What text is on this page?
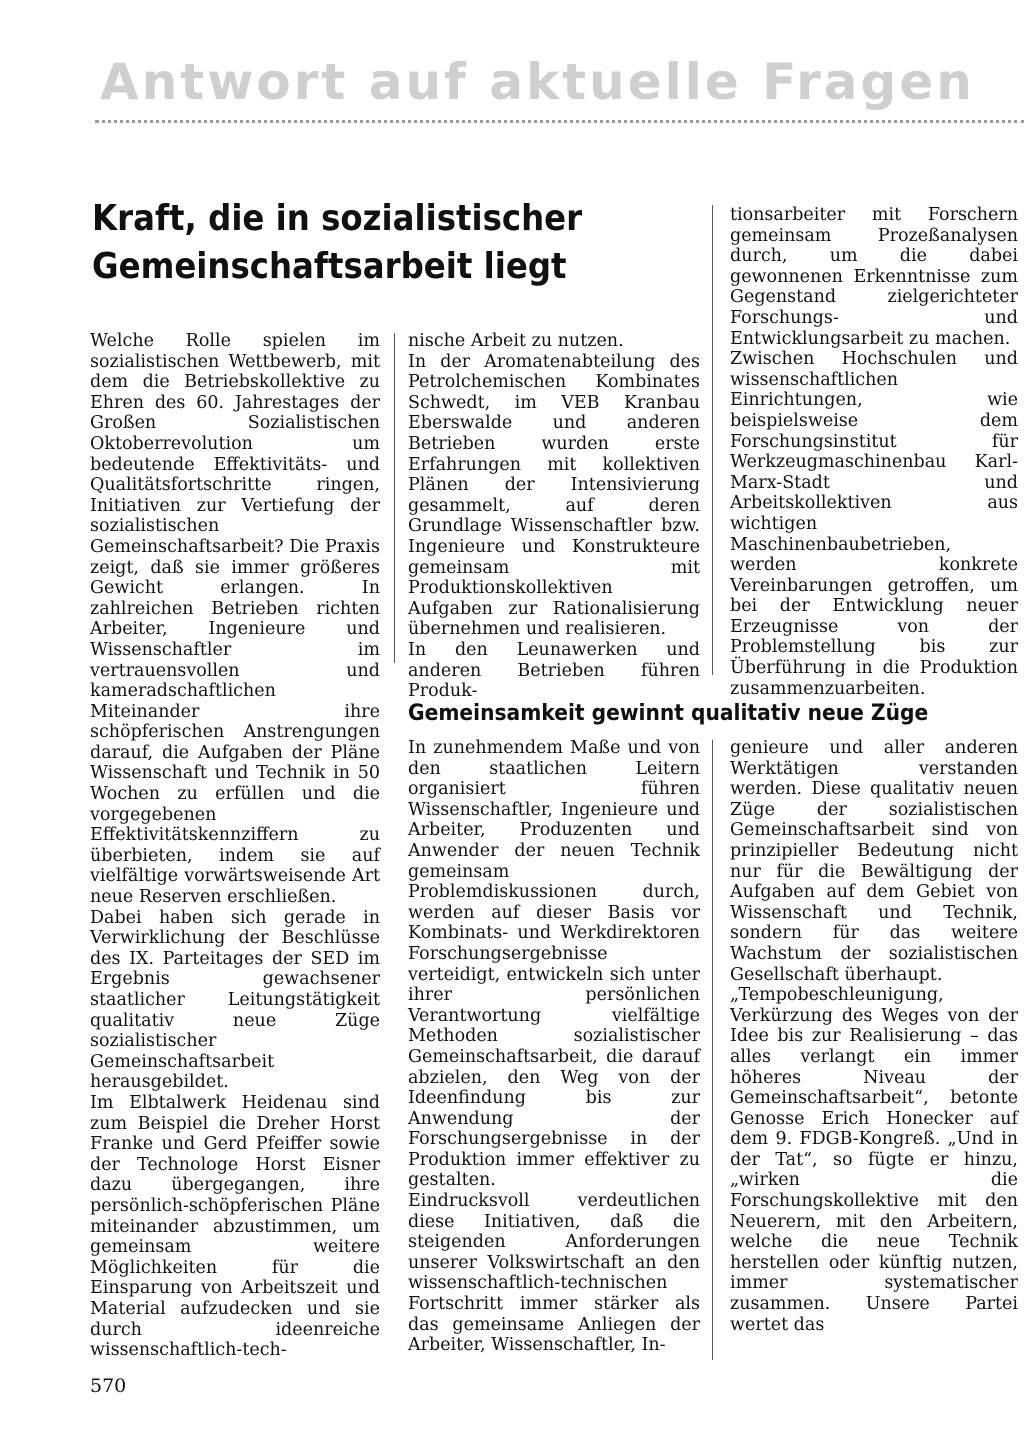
Antwort auf aktuelle Fragen
Kraft, die in sozialistischer
Gemeinschaftsarbeit liegt

Welche Rolle spielen im sozialistischen Wettbewerb, mit dem die Betriebskollektive zu Ehren des 60. Jahrestages der Großen Sozialistischen Oktoberrevolution um bedeutende Effektivitäts- und Qualitätsfortschritte ringen, Initiativen zur Vertiefung der sozialistischen Gemeinschaftsarbeit? Die Praxis zeigt, daß sie immer größeres Gewicht erlangen. In zahlreichen Betrieben richten Arbeiter, Ingenieure und Wissenschaftler im vertrauensvollen und kameradschaftlichen Miteinander ihre schöpferischen Anstrengungen darauf, die Aufgaben der Pläne Wissenschaft und Technik in 50 Wochen zu erfüllen und die vorgegebenen Effektivitätskennziffern zu überbieten, indem sie auf vielfältige vorwärtsweisende Art neue Reserven erschließen.

Dabei haben sich gerade in Verwirklichung der Beschlüsse des IX. Parteitages der SED im Ergebnis gewachsener staatlicher Leitungstätigkeit qualitativ neue Züge sozialistischer Gemeinschaftsarbeit herausgebildet.

Im Elbtalwerk Heidenau sind zum Beispiel die Dreher Horst Franke und Gerd Pfeiffer sowie der Technologe Horst Eisner dazu übergegangen, ihre persönlich-schöpferischen Pläne miteinander abzustimmen, um gemeinsam weitere Möglichkeiten für die Einsparung von Arbeitszeit und Material aufzudecken und sie durch ideenreiche wissenschaftlich-tech-

nische Arbeit zu nutzen.

In der Aromatenabteilung des Petrolchemischen Kombinates Schwedt, im VEB Kranbau Eberswalde und anderen Betrieben wurden erste Erfahrungen mit kollektiven Plänen der Intensivierung gesammelt, auf deren Grundlage Wissenschaftler bzw. Ingenieure und Konstrukteure gemeinsam mit Produktionskollektiven Aufgaben zur Rationalisierung übernehmen und realisieren.

In den Leunawerken und anderen Betrieben führen Produk-

tionsarbeiter mit Forschern gemeinsam Prozeßanalysen durch, um die dabei gewonnenen Erkenntnisse zum Gegenstand zielgerichteter Forschungs- und Entwicklungsarbeit zu machen.

Zwischen Hochschulen und wissenschaftlichen Einrichtungen, wie beispielsweise dem Forschungsinstitut für Werkzeugmaschinenbau Karl-Marx-Stadt und Arbeitskollektiven aus wichtigen Maschinenbaubetrieben, werden konkrete Vereinbarungen getroffen, um bei der Entwicklung neuer Erzeugnisse von der Problemstellung bis zur Überführung in die Produktion zusammenzuarbeiten.

Gemeinsamkeit gewinnt qualitativ neue Züge

In zunehmendem Maße und von den staatlichen Leitern organisiert führen Wissenschaftler, Ingenieure und Arbeiter, Produzenten und Anwender der neuen Technik gemeinsam Problemdiskussionen durch, werden auf dieser Basis vor Kombinats- und Werkdirektoren Forschungsergebnisse verteidigt, entwickeln sich unter ihrer persönlichen Verantwortung vielfältige Methoden sozialistischer Gemeinschaftsarbeit, die darauf abzielen, den Weg von der Ideenfindung bis zur Anwendung der Forschungsergebnisse in der Produktion immer effektiver zu gestalten.

Eindrucksvoll verdeutlichen diese Initiativen, daß die steigenden Anforderungen unserer Volkswirtschaft an den wissenschaftlich-technischen Fortschritt immer stärker als das gemeinsame Anliegen der Arbeiter, Wissenschaftler, In-

genieure und aller anderen Werktätigen verstanden werden. Diese qualitativ neuen Züge der sozialistischen Gemeinschaftsarbeit sind von prinzipieller Bedeutung nicht nur für die Bewältigung der Aufgaben auf dem Gebiet von Wissenschaft und Technik, sondern für das weitere Wachstum der sozialistischen Gesellschaft überhaupt.

„Tempobeschleunigung, Verkürzung des Weges von der Idee bis zur Realisierung – das alles verlangt ein immer höheres Niveau der Gemeinschaftsarbeit“, betonte Genosse Erich Honecker auf dem 9. FDGB-Kongreß. „Und in der Tat“, so fügte er hinzu, „wirken die Forschungskollektive mit den Neuerern, mit den Arbeitern, welche die neue Technik herstellen oder künftig nutzen, immer systematischer zusammen. Unsere Partei wertet das

570
